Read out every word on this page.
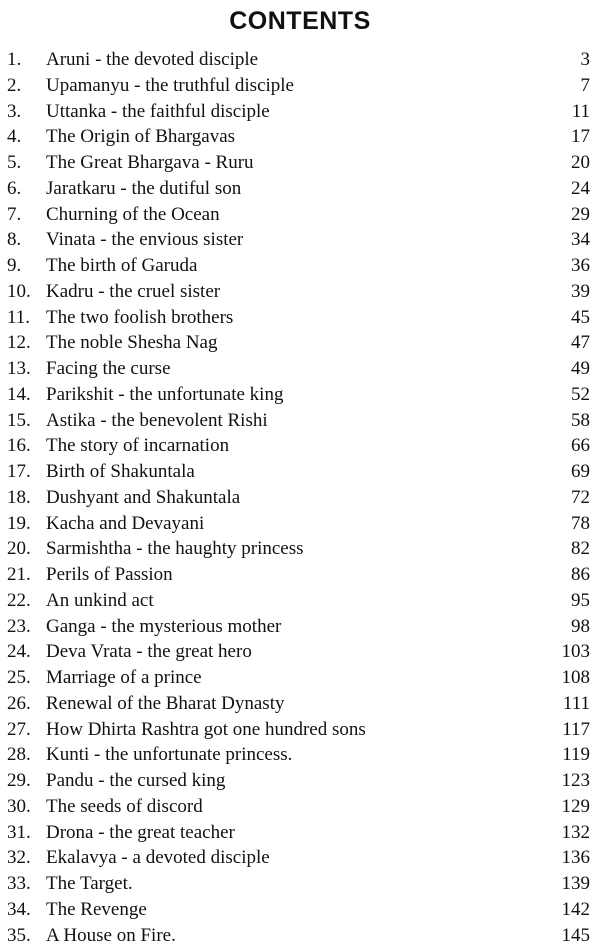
CONTENTS
1. Aruni - the devoted disciple	3
2. Upamanyu - the truthful disciple	7
3. Uttanka - the faithful disciple	11
4. The Origin of Bhargavas	17
5. The Great Bhargava - Ruru	20
6. Jaratkaru - the dutiful son	24
7. Churning of the Ocean	29
8. Vinata - the envious sister	34
9. The birth of Garuda	36
10. Kadru - the cruel sister	39
11. The two foolish brothers	45
12. The noble Shesha Nag	47
13. Facing the curse	49
14. Parikshit - the unfortunate king	52
15. Astika - the benevolent Rishi	58
16. The story of incarnation	66
17. Birth of Shakuntala	69
18. Dushyant and Shakuntala	72
19. Kacha and Devayani	78
20. Sarmishtha - the haughty princess	82
21. Perils of Passion	86
22. An unkind act	95
23. Ganga - the mysterious mother	98
24. Deva Vrata - the great hero	103
25. Marriage of a prince	108
26. Renewal of the Bharat Dynasty	111
27. How Dhirta Rashtra got one hundred sons	117
28. Kunti - the unfortunate princess.	119
29. Pandu - the cursed king	123
30. The seeds of discord	129
31. Drona - the great teacher	132
32. Ekalavya - a devoted disciple	136
33. The Target.	139
34. The Revenge	142
35. A House on Fire.	145
